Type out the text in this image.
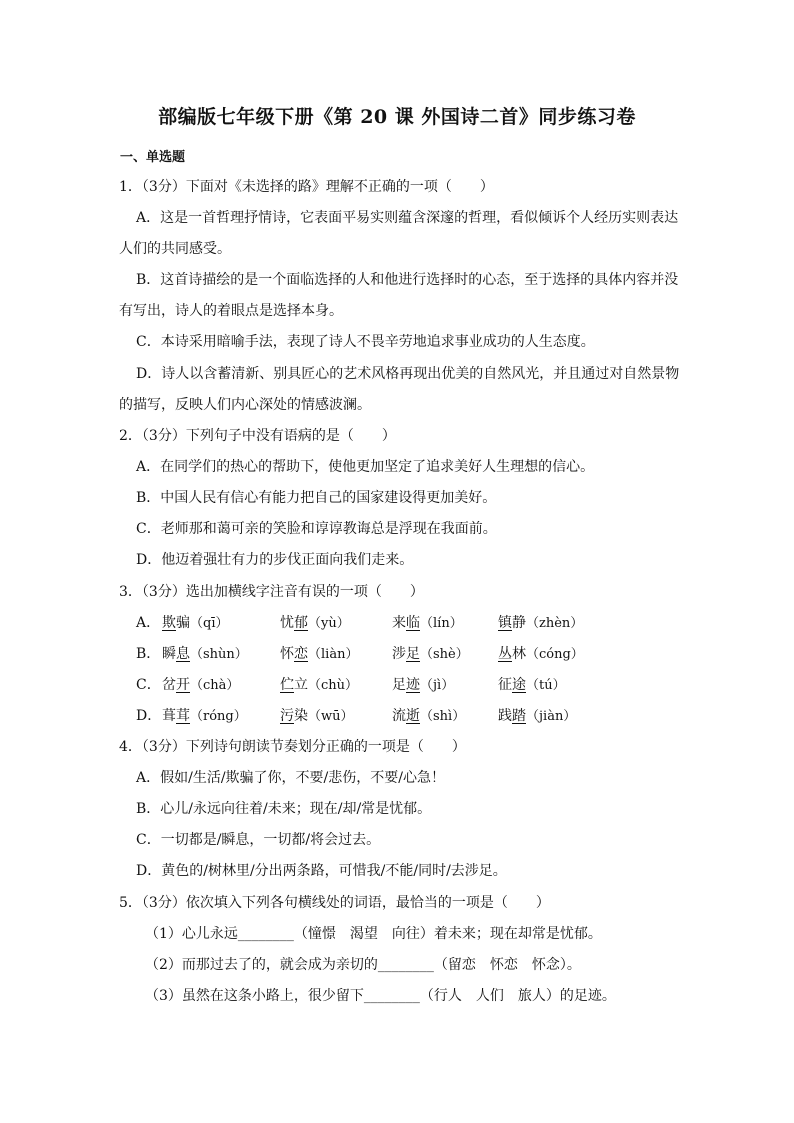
部编版七年级下册《第 20 课 外国诗二首》同步练习卷
一、单选题
1．（3分）下面对《未选择的路》理解不正确的一项（　　）
A．这是一首哲理抒情诗，它表面平易实则蕴含深邃的哲理，看似倾诉个人经历实则表达
人们的共同感受。
B．这首诗描绘的是一个面临选择的人和他进行选择时的心态，至于选择的具体内容并没
有写出，诗人的着眼点是选择本身。
C．本诗采用暗喻手法，表现了诗人不畏辛劳地追求事业成功的人生态度。
D．诗人以含蓄清新、别具匠心的艺术风格再现出优美的自然风光，并且通过对自然景物
的描写，反映人们内心深处的情感波澜。
2．（3分）下列句子中没有语病的是（　　）
A．在同学们的热心的帮助下，使他更加坚定了追求美好人生理想的信心。
B．中国人民有信心有能力把自己的国家建设得更加美好。
C．老师那和蔼可亲的笑脸和谆谆教诲总是浮现在我面前。
D．他迈着强壮有力的步伐正面向我们走来。
3．（3分）选出加横线字注音有误的一项（　　）
A． 欺骗（qī）	忧郁（yù）	来临（lín）	镇静（zhèn）
B． 瞬息（shùn） 怀恋（liàn） 涉足（shè） 丛林（cóng）
C． 岔开（chà）	伫立（chù） 足迹（jì）	征途（tú）
D． 葺茸（róng） 污染（wū）	流逝（shì） 践踏（jiàn）
4．（3分）下列诗句朗读节奏划分正确的一项是（　　）
A．假如/生活/欺骗了你，不要/悲伤，不要/心急！
B．心儿/永远向往着/未来；现在/却/常是忧郁。
C．一切都是/瞬息，一切都/将会过去。
D．黄色的/树林里/分出两条路，可惜我/不能/同时/去涉足。
5．（3分）依次填入下列各句横线处的词语，最恰当的一项是（　　）
（1）心儿永远________（憧憬　渴望　向往）着未来；现在却常是忧郁。
（2）而那过去了的，就会成为亲切的________（留恋　怀恋　怀念）。
（3）虽然在这条小路上，很少留下________（行人　人们　旅人）的足迹。
